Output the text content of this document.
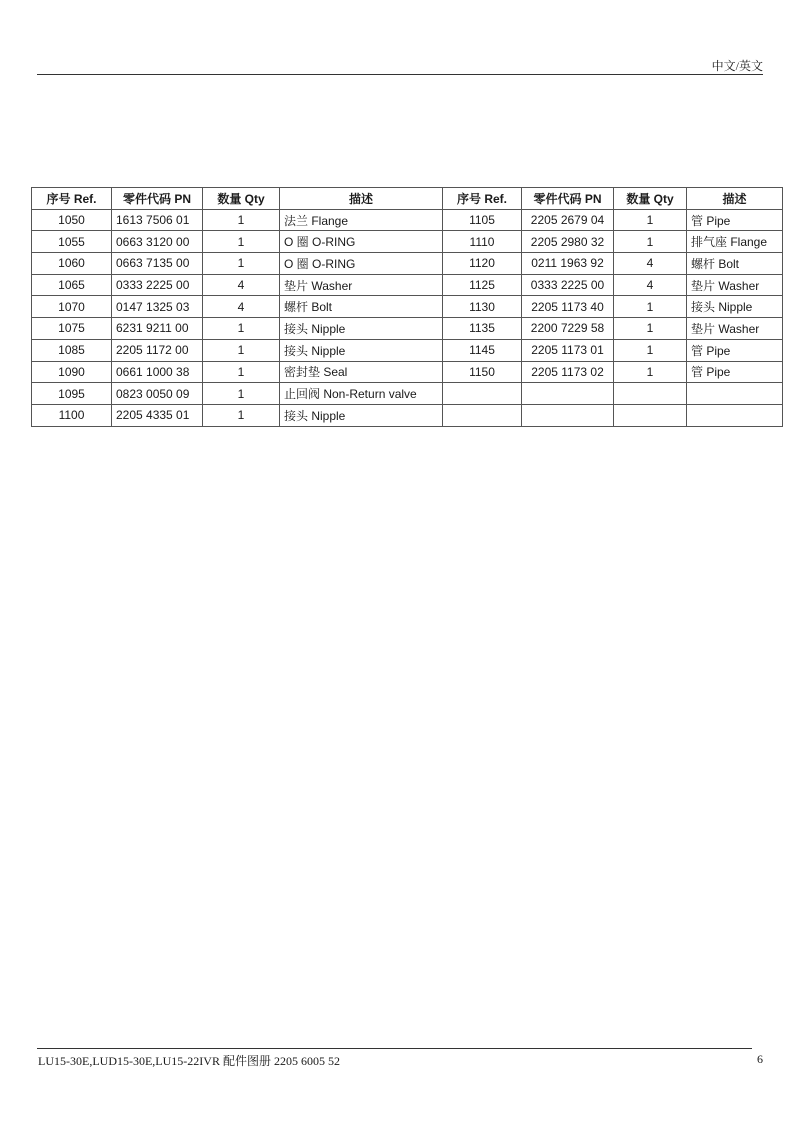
中文/英文
序号 Ref.	零件代码 PN	数量 Qty	描述	序号 Ref.	零件代码 PN	数量 Qty	描述
1050	1613 7506 01	1	法兰 Flange	1105	2205 2679 04	1	管 Pipe
1055	0663 3120 00	1	O 圈 O-RING	1110	2205 2980 32	1	排气座 Flange
1060	0663 7135 00	1	O 圈 O-RING	1120	0211 1963 92	4	螺杆 Bolt
1065	0333 2225 00	4	垫片 Washer	1125	0333 2225 00	4	垫片 Washer
1070	0147 1325 03	4	螺杆 Bolt	1130	2205 1173 40	1	接头 Nipple
1075	6231 9211 00	1	接头 Nipple	1135	2200 7229 58	1	垫片 Washer
1085	2205 1172 00	1	接头 Nipple	1145	2205 1173 01	1	管 Pipe
1090	0661 1000 38	1	密封垫 Seal	1150	2205 1173 02	1	管 Pipe
1095	0823 0050 09	1	止回阀 Non-Return valve				
1100	2205 4335 01	1	接头 Nipple				
LU15-30E,LUD15-30E,LU15-22IVR 配件图册 2205 6005 52	6
